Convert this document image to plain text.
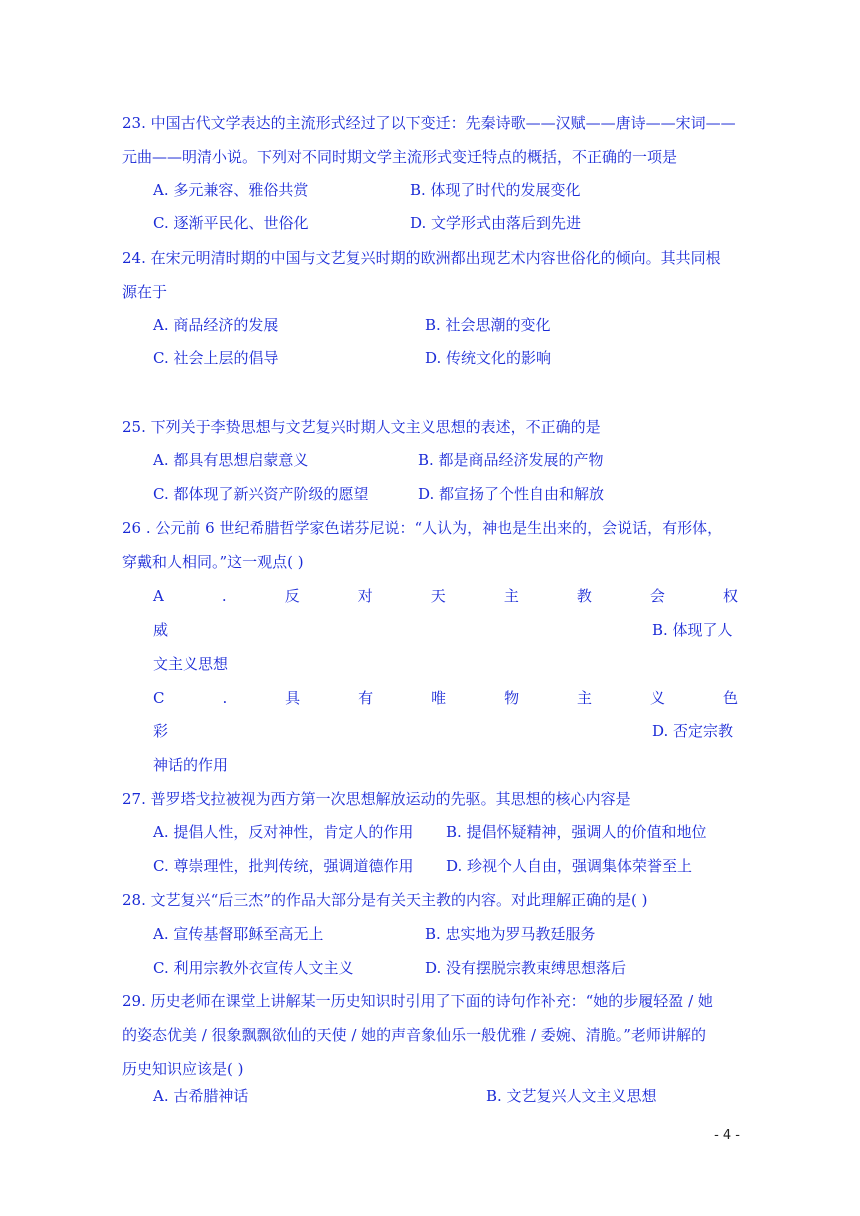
23. 中国古代文学表达的主流形式经过了以下变迁：先秦诗歌——汉赋——唐诗——宋词——
元曲——明清小说。下列对不同时期文学主流形式变迁特点的概括，不正确的一项是
A. 多元兼容、雅俗共赏	B. 体现了时代的发展变化
C. 逐渐平民化、世俗化	D. 文学形式由落后到先进
24. 在宋元明清时期的中国与文艺复兴时期的欧洲都出现艺术内容世俗化的倾向。其共同根
源在于
A. 商品经济的发展	B. 社会思潮的变化
C. 社会上层的倡导	D. 传统文化的影响
25. 下列关于李贽思想与文艺复兴时期人文主义思想的表述，不正确的是
A. 都具有思想启蒙意义	B. 都是商品经济发展的产物
C. 都体现了新兴资产阶级的愿望	D. 都宣扬了个性自由和解放
26 . 公元前 6 世纪希腊哲学家色诺芬尼说：“人认为，神也是生出来的，会说话，有形体，
穿戴和人相同。”这一观点( )
A	.	反	对	天	主	教	会	权
威	B. 体现了人
文主义思想
C	.	具	有	唯	物	主	义	色
彩	D. 否定宗教
神话的作用
27. 普罗塔戈拉被视为西方第一次思想解放运动的先驱。其思想的核心内容是
A. 提倡人性，反对神性，肯定人的作用 B. 提倡怀疑精神，强调人的价值和地位
C. 尊崇理性，批判传统，强调道德作用 D. 珍视个人自由，强调集体荣誉至上
28. 文艺复兴“后三杰”的作品大部分是有关天主教的内容。对此理解正确的是( )
A. 宣传基督耶稣至高无上	B. 忠实地为罗马教廷服务
C. 利用宗教外衣宣传人文主义	D. 没有摆脱宗教束缚思想落后
29. 历史老师在课堂上讲解某一历史知识时引用了下面的诗句作补充：“她的步履轻盈 / 她
的姿态优美 / 很象飘飘欲仙的天使 / 她的声音象仙乐一般优雅 / 委婉、清脆。”老师讲解的
历史知识应该是( )
A. 古希腊神话	B. 文艺复兴人文主义思想
- 4 -
